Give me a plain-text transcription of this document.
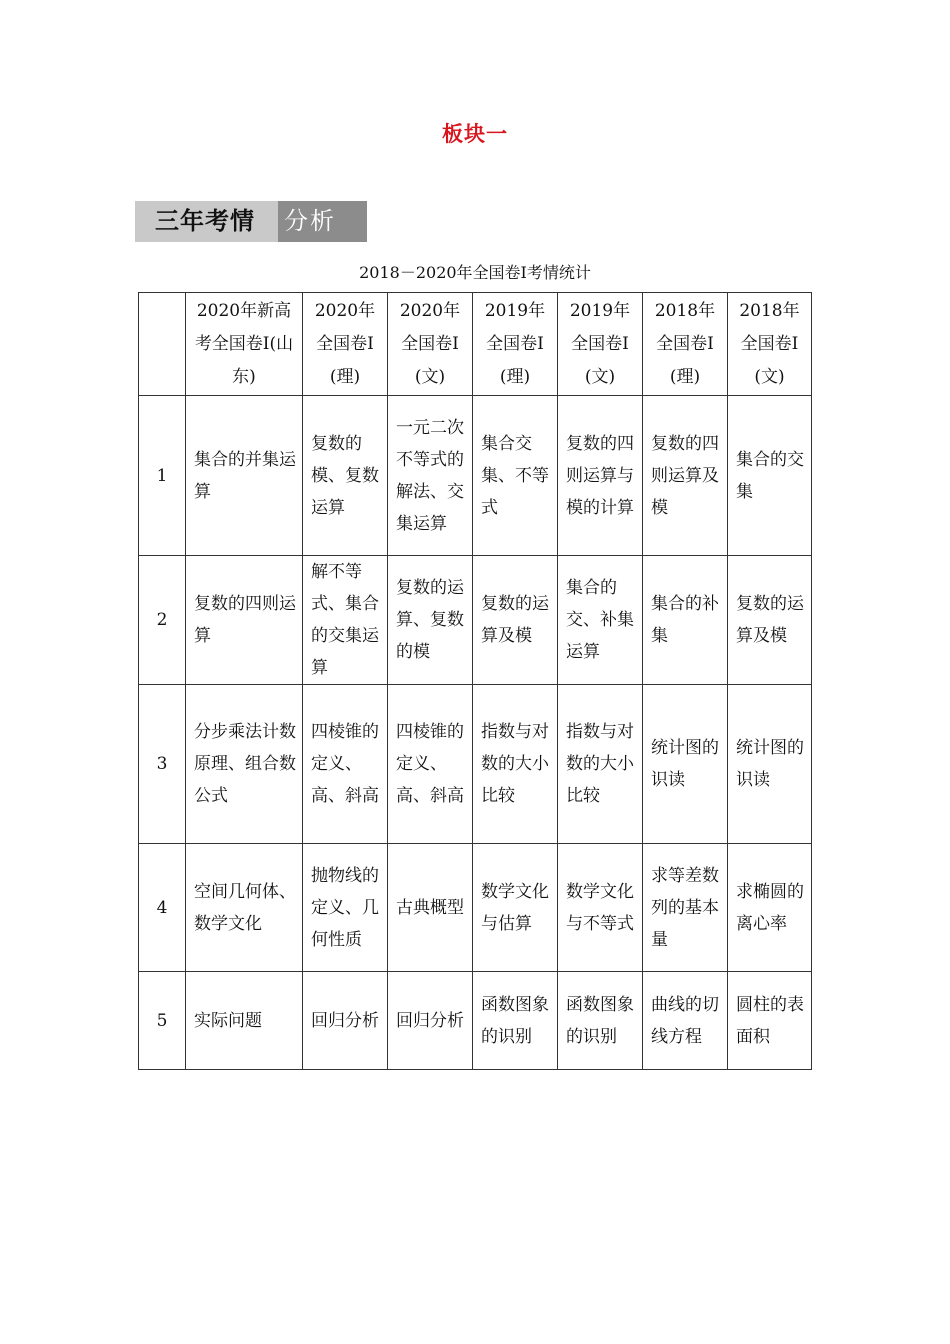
板块一
三年考情	分析
2018－2020年全国卷Ⅰ考情统计
	2020年新高考全国卷Ⅰ(山东)	2020年全国卷Ⅰ(理)	2020年全国卷Ⅰ(文)	2019年全国卷Ⅰ(理)	2019年全国卷Ⅰ(文)	2018年全国卷Ⅰ(理)	2018年全国卷Ⅰ(文)
1	集合的并集运算	复数的模、复数运算	一元二次不等式的解法、交集运算	集合交集、不等式	复数的四则运算与模的计算	复数的四则运算及模	集合的交集
2	复数的四则运算	解不等式、集合的交集运算	复数的运算、复数的模	复数的运算及模	集合的交、补集运算	集合的补集	复数的运算及模
3	分步乘法计数原理、组合数公式	四棱锥的定义、高、斜高	四棱锥的定义、高、斜高	指数与对数的大小比较	指数与对数的大小比较	统计图的识读	统计图的识读
4	空间几何体、数学文化	抛物线的定义、几何性质	古典概型	数学文化与估算	数学文化与不等式	求等差数列的基本量	求椭圆的离心率
5	实际问题	回归分析	回归分析	函数图象的识别	函数图象的识别	曲线的切线方程	圆柱的表面积
